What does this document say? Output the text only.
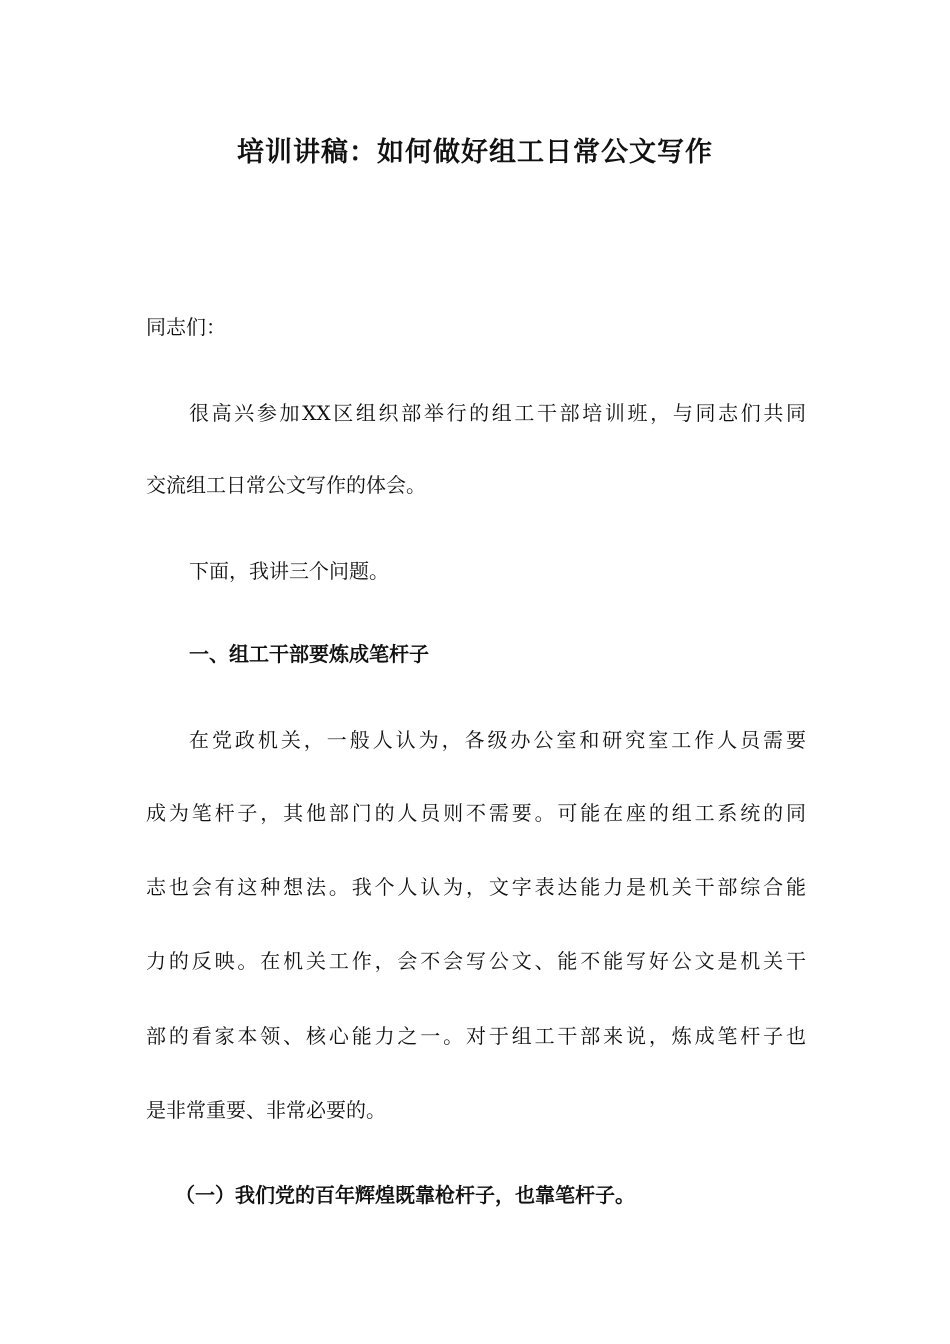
培训讲稿：如何做好组工日常公文写作

同志们：

很高兴参加XX区组织部举行的组工干部培训班，与同志们共同

交流组工日常公文写作的体会。

下面，我讲三个问题。

一、组工干部要炼成笔杆子

在党政机关，一般人认为，各级办公室和研究室工作人员需要

成为笔杆子，其他部门的人员则不需要。可能在座的组工系统的同

志也会有这种想法。我个人认为，文字表达能力是机关干部综合能

力的反映。在机关工作，会不会写公文、能不能写好公文是机关干

部的看家本领、核心能力之一。对于组工干部来说，炼成笔杆子也

是非常重要、非常必要的。

（一）我们党的百年辉煌既靠枪杆子，也靠笔杆子。
